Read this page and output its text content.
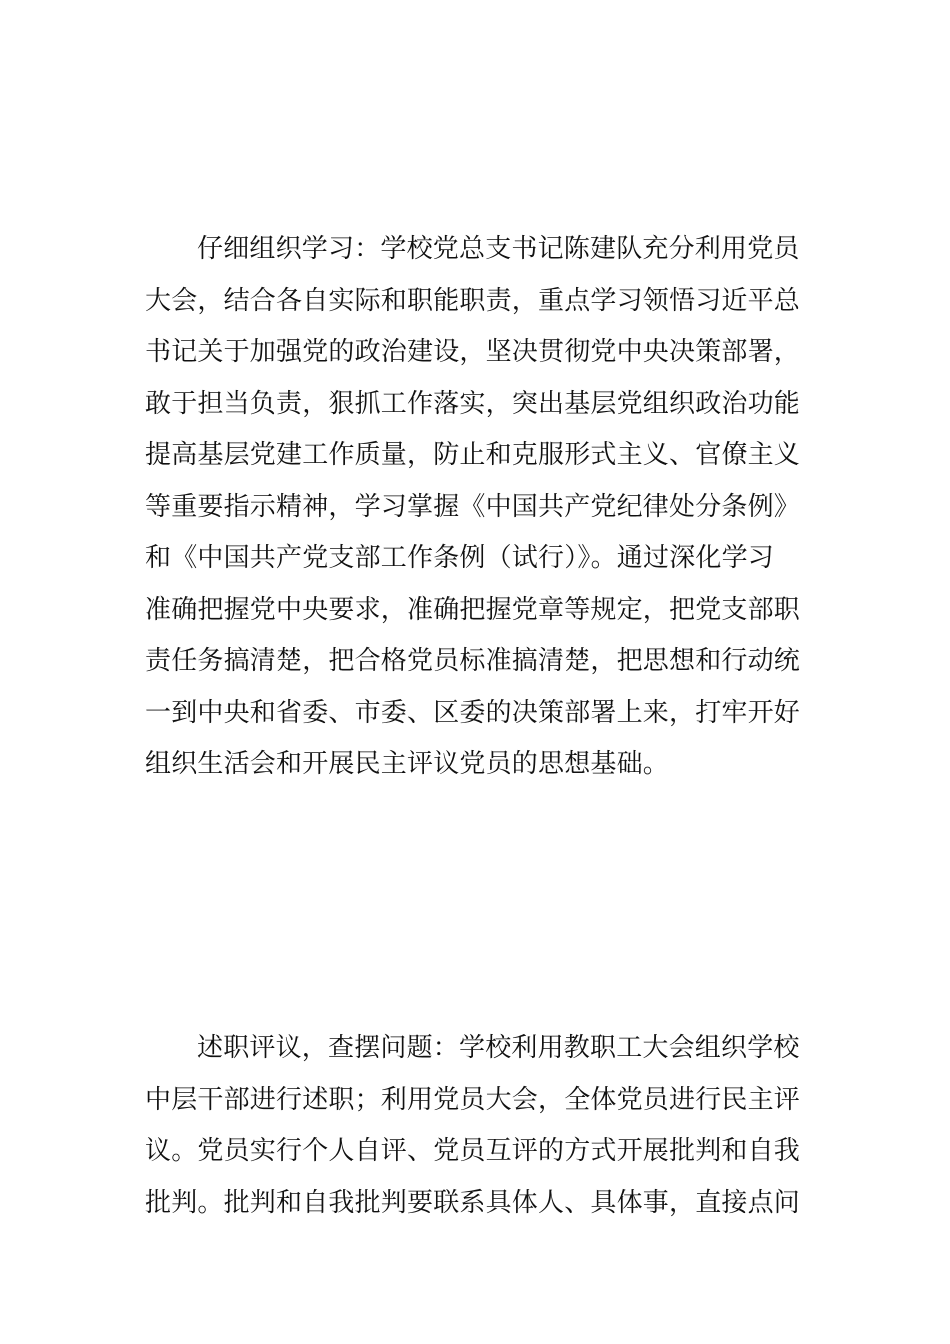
仔细组织学习：学校党总支书记陈建队充分利用党员
大会，结合各自实际和职能职责，重点学习领悟习近平总
书记关于加强党的政治建设，坚决贯彻党中央决策部署，
敢于担当负责，狠抓工作落实，突出基层党组织政治功能
提高基层党建工作质量，防止和克服形式主义、官僚主义
等重要指示精神，学习掌握《中国共产党纪律处分条例》
和《中国共产党支部工作条例（试行）》。通过深化学习
准确把握党中央要求，准确把握党章等规定，把党支部职
责任务搞清楚，把合格党员标准搞清楚，把思想和行动统
一到中央和省委、市委、区委的决策部署上来，打牢开好
组织生活会和开展民主评议党员的思想基础。
述职评议，查摆问题：学校利用教职工大会组织学校
中层干部进行述职；利用党员大会，全体党员进行民主评
议。党员实行个人自评、党员互评的方式开展批判和自我
批判。批判和自我批判要联系具体人、具体事，直接点问
